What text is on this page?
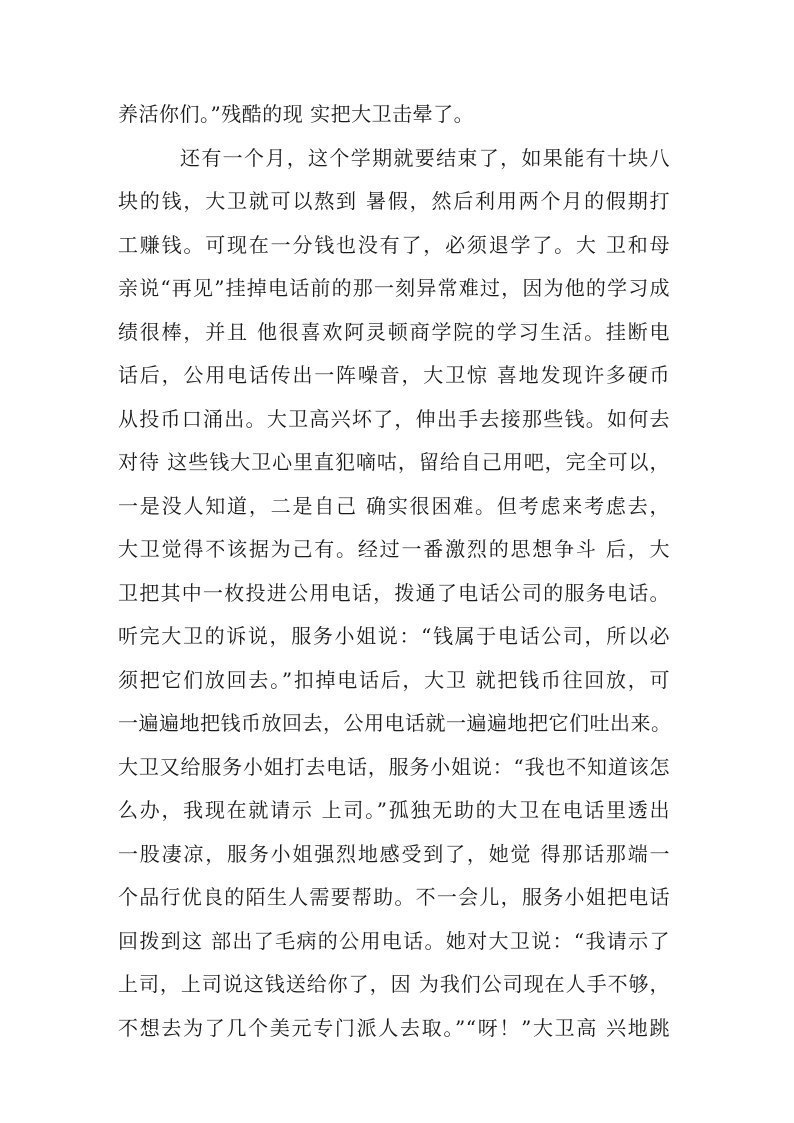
养活你们。”残酷的现 实把大卫击晕了。
还有一个月，这个学期就要结束了，如果能有十块八
块的钱，大卫就可以熬到 暑假，然后利用两个月的假期打
工赚钱。可现在一分钱也没有了，必须退学了。大 卫和母
亲说“再见”挂掉电话前的那一刻异常难过，因为他的学习成
绩很棒，并且 他很喜欢阿灵顿商学院的学习生活。挂断电
话后，公用电话传出一阵噪音，大卫惊 喜地发现许多硬币
从投币口涌出。大卫高兴坏了，伸出手去接那些钱。如何去
对待 这些钱大卫心里直犯嘀咕，留给自己用吧，完全可以，
一是没人知道，二是自己 确实很困难。但考虑来考虑去，
大卫觉得不该据为己有。经过一番激烈的思想争斗 后，大
卫把其中一枚投进公用电话，拨通了电话公司的服务电话。
听完大卫的诉说，服务小姐说：“钱属于电话公司，所以必
须把它们放回去。”扣掉电话后，大卫 就把钱币往回放，可
一遍遍地把钱币放回去，公用电话就一遍遍地把它们吐出来。
大卫又给服务小姐打去电话，服务小姐说：“我也不知道该怎
么办，我现在就请示 上司。”孤独无助的大卫在电话里透出
一股凄凉，服务小姐强烈地感受到了，她觉 得那话那端一
个品行优良的陌生人需要帮助。不一会儿，服务小姐把电话
回拨到这 部出了毛病的公用电话。她对大卫说：“我请示了
上司，上司说这钱送给你了，因 为我们公司现在人手不够，
不想去为了几个美元专门派人去取。”“呀！”大卫高 兴地跳
